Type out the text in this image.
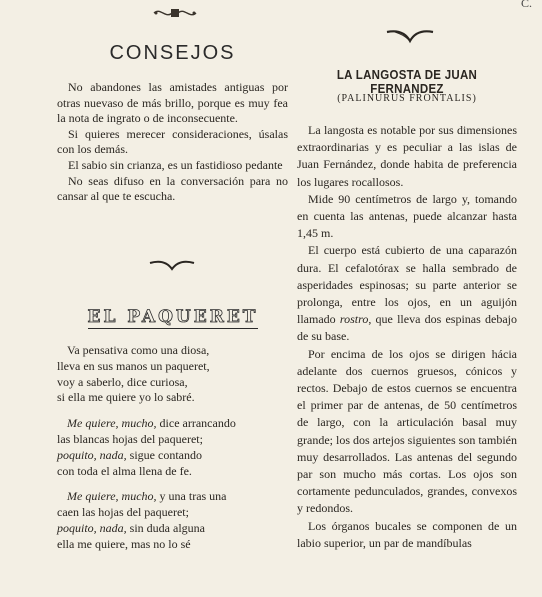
C.
CONSEJOS

No abandones las amistades antiguas por otras nuevaso de más brillo, porque es muy fea la nota de ingrato o de inconsecuente.

Si quieres merecer consideraciones, úsalas con los demás.

El sabio sin crianza, es un fastidioso pedante

No seas difuso en la conversación para no cansar al que te escucha.

EL PAQUERET
Va pensativa como una diosa,
lleva en sus manos un paqueret,
voy a saberlo, dice curiosa,
si ella me quiere yo lo sabré.
Me quiere, mucho, dice arrancando
las blancas hojas del paqueret;
poquito, nada, sigue contando
con toda el alma llena de fe.
Me quiere, mucho, y una tras una
caen las hojas del paqueret;
poquito, nada, sin duda alguna
ella me quiere, mas no lo sé
LA LANGOSTA DE JUAN FERNANDEZ
(PALINURUS FRONTALIS)

La langosta es notable por sus dimensiones extraordinarias y es peculiar a las islas de Juan Fernández, donde habita de preferencia los lugares rocallosos.

Mide 90 centímetros de largo y, tomando en cuenta las antenas, puede alcanzar hasta 1,45 m.

El cuerpo está cubierto de una caparazón dura. El cefalotórax se halla sembrado de asperidades espinosas; su parte anterior se prolonga, entre los ojos, en un aguijón llamado rostro, que lleva dos espinas debajo de su base.

Por encima de los ojos se dirigen hácia adelante dos cuernos gruesos, cónicos y rectos. Debajo de estos cuernos se encuentra el primer par de antenas, de 50 centímetros de largo, con la articulación basal muy grande; los dos artejos siguientes son también muy desarrollados. Las antenas del segundo par son mucho más cortas. Los ojos son cortamente pedunculados, grandes, convexos y redondos.

Los órganos bucales se componen de un labio superior, un par de mandíbulas
